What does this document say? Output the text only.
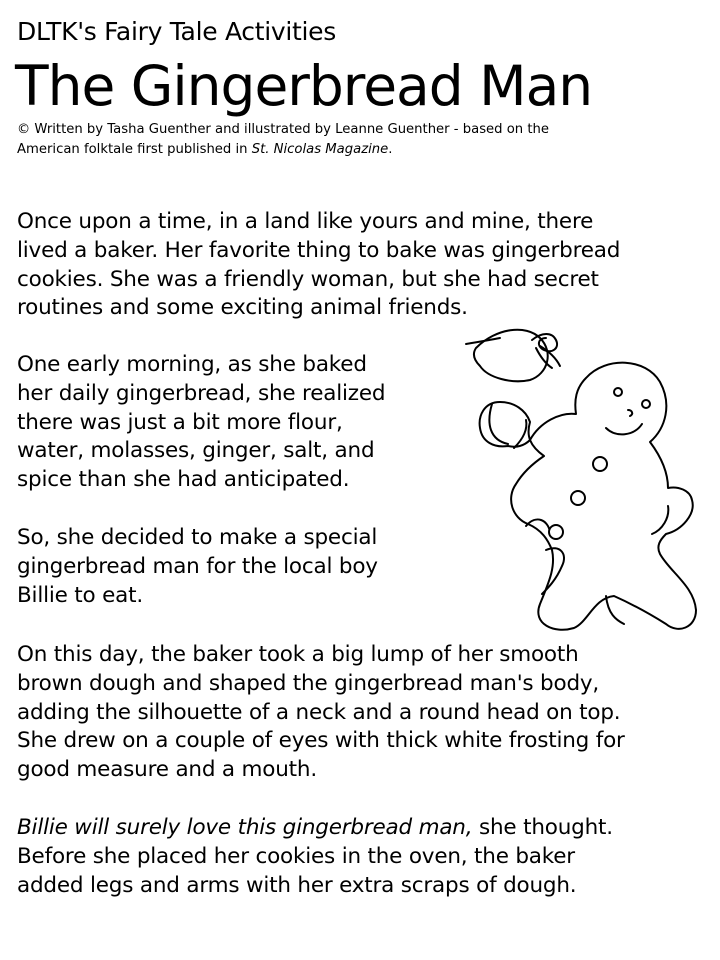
DLTK's Fairy Tale Activities
The Gingerbread Man
© Written by Tasha Guenther and illustrated by Leanne Guenther - based on the
American folktale first published in St. Nicolas Magazine.
Once upon a time, in a land like yours and mine, there
lived a baker. Her favorite thing to bake was gingerbread
cookies. She was a friendly woman, but she had secret
routines and some exciting animal friends.
One early morning, as she baked
her daily gingerbread, she realized
there was just a bit more flour,
water, molasses, ginger, salt, and
spice than she had anticipated.
So, she decided to make a special
gingerbread man for the local boy
Billie to eat.
On this day, the baker took a big lump of her smooth
brown dough and shaped the gingerbread man's body,
adding the silhouette of a neck and a round head on top.
She drew on a couple of eyes with thick white frosting for
good measure and a mouth.
Billie will surely love this gingerbread man, she thought.
Before she placed her cookies in the oven, the baker
added legs and arms with her extra scraps of dough.
